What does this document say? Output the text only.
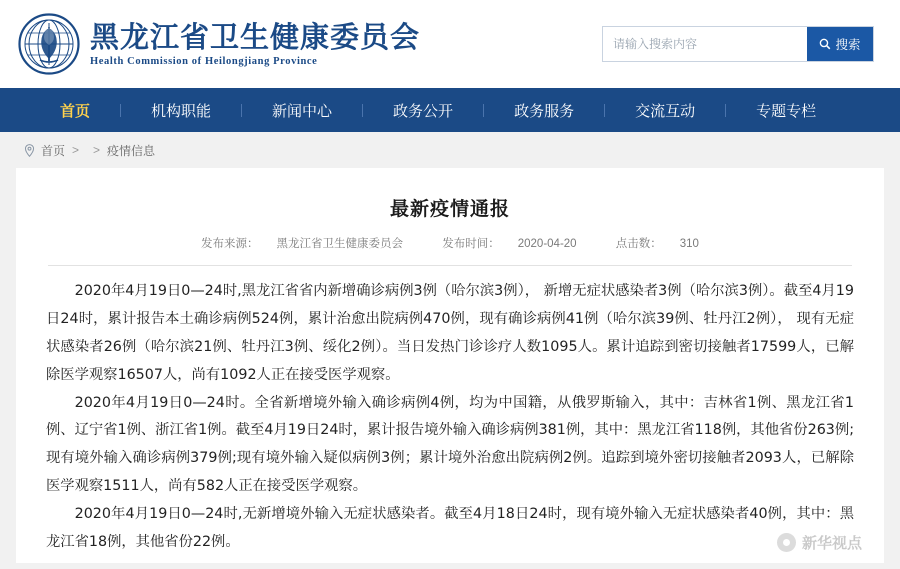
黑龙江省卫生健康委员会
Health Commission of Heilongjiang Province
请输入搜索内容
搜索
首页	机构职能	新闻中心	政务公开	政务服务	交流互动	专题专栏
首页 >	> 疫情信息
最新疫情通报
发布来源： 黑龙江省卫生健康委员会	发布时间： 2020-04-20	点击数： 310

2020年4月19日0—24时,黑龙江省省内新增确诊病例3例（哈尔滨3例）， 新增无症状感染者3例（哈尔滨3例）。截至4月19日24时，累计报告本土确诊病例524例，累计治愈出院病例470例，现有确诊病例41例（哈尔滨39例、牡丹江2例）， 现有无症状感染者26例（哈尔滨21例、牡丹江3例、绥化2例）。当日发热门诊诊疗人数1095人。累计追踪到密切接触者17599人，已解除医学观察16507人，尚有1092人正在接受医学观察。

2020年4月19日0—24时。全省新增境外输入确诊病例4例，均为中国籍，从俄罗斯输入，其中：吉林省1例、黑龙江省1例、辽宁省1例、浙江省1例。截至4月19日24时，累计报告境外输入确诊病例381例，其中：黑龙江省118例，其他省份263例;现有境外输入确诊病例379例;现有境外输入疑似病例3例；累计境外治愈出院病例2例。追踪到境外密切接触者2093人，已解除医学观察1511人，尚有582人正在接受医学观察。

2020年4月19日0—24时,无新增境外输入无症状感染者。截至4月18日24时，现有境外输入无症状感染者40例，其中：黑龙江省18例，其他省份22例。	新华视点
